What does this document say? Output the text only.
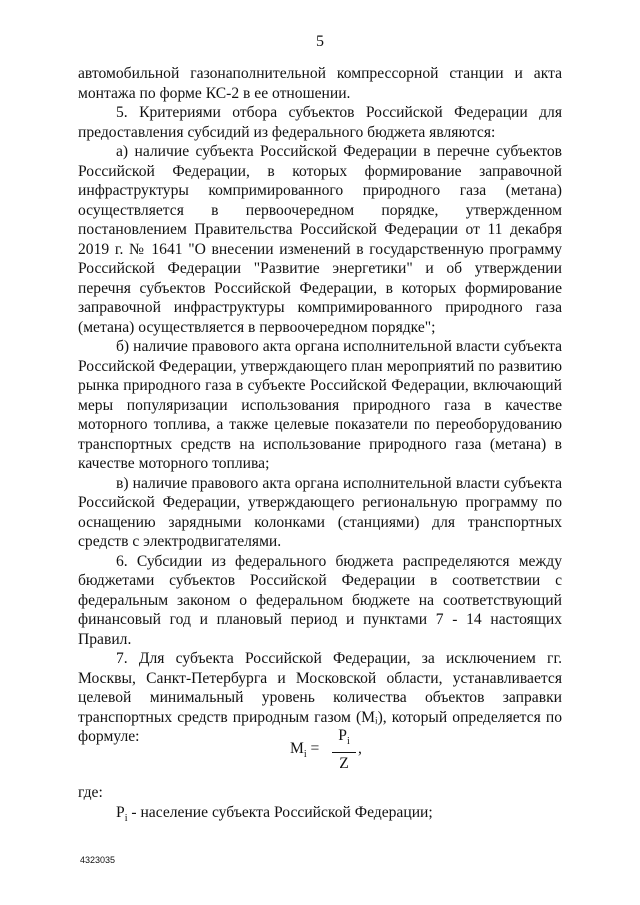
5

автомобильной газонаполнительной компрессорной станции и акта монтажа по форме КС-2 в ее отношении.

5. Критериями отбора субъектов Российской Федерации для предоставления субсидий из федерального бюджета являются:

а) наличие субъекта Российской Федерации в перечне субъектов Российской Федерации, в которых формирование заправочной инфраструктуры компримированного природного газа (метана) осуществляется в первоочередном порядке, утвержденном постановлением Правительства Российской Федерации от 11 декабря 2019 г. № 1641 "О внесении изменений в государственную программу Российской Федерации "Развитие энергетики" и об утверждении перечня субъектов Российской Федерации, в которых формирование заправочной инфраструктуры компримированного природного газа (метана) осуществляется в первоочередном порядке";

б) наличие правового акта органа исполнительной власти субъекта Российской Федерации, утверждающего план мероприятий по развитию рынка природного газа в субъекте Российской Федерации, включающий меры популяризации использования природного газа в качестве моторного топлива, а также целевые показатели по переоборудованию транспортных средств на использование природного газа (метана) в качестве моторного топлива;

в) наличие правового акта органа исполнительной власти субъекта Российской Федерации, утверждающего региональную программу по оснащению зарядными колонками (станциями) для транспортных средств с электродвигателями.

6. Субсидии из федерального бюджета распределяются между бюджетами субъектов Российской Федерации в соответствии с федеральным законом о федеральном бюджете на соответствующий финансовый год и плановый период и пунктами 7 - 14 настоящих Правил.

7. Для субъекта Российской Федерации, за исключением гг. Москвы, Санкт-Петербурга и Московской области, устанавливается целевой минимальный уровень количества объектов заправки транспортных средств природным газом (Mᵢ), который определяется по формуле:

$M_i$ =
$P_i$
Z
,
где:
$P_i$ - население субъекта Российской Федерации;
4323035
